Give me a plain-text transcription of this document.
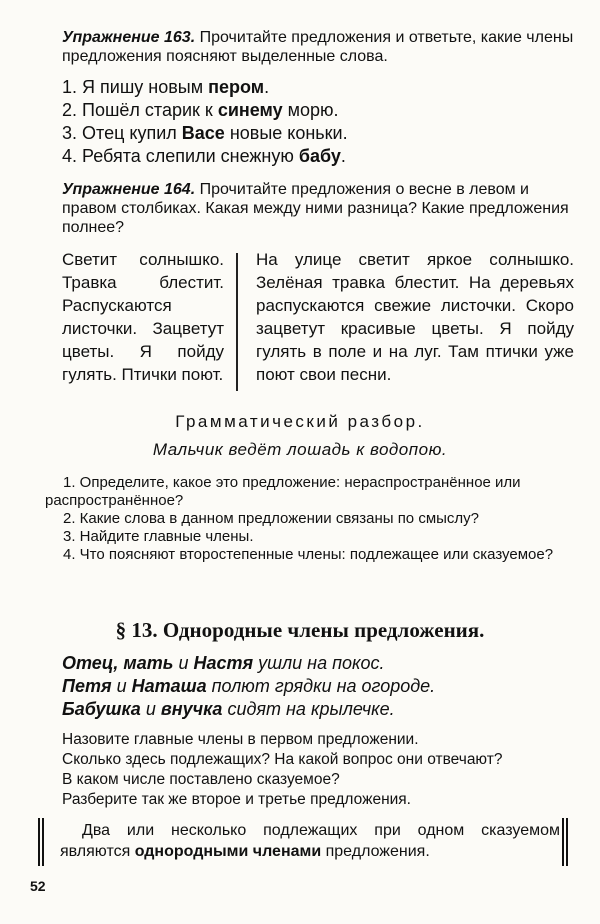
Упражнение 163. Прочитайте предложения и ответьте, какие члены предложения поясняют выделенные слова.
1. Я пишу новым пером.
2. Пошёл старик к синему морю.
3. Отец купил Васе новые коньки.
4. Ребята слепили снежную бабу.
Упражнение 164. Прочитайте предложения о весне в левом и правом столбиках. Какая между ними разница? Какие предложения полнее?
Светит солнышко. Травка блестит. Распускаются листочки. Зацветут цветы. Я пойду гулять. Птички поют.
На улице светит яркое солнышко. Зелёная травка блестит. На деревьях распускаются свежие листочки. Скоро зацветут красивые цветы. Я пойду гулять в поле и на луг. Там птички уже поют свои песни.
Грамматический разбор.
Мальчик ведёт лошадь к водопою.
1. Определите, какое это предложение: нераспространённое или распространённое?
2. Какие слова в данном предложении связаны по смыслу?
3. Найдите главные члены.
4. Что поясняют второстепенные члены: подлежащее или сказуемое?
§ 13. Однородные члены предложения.
Отец, мать и Настя ушли на покос.
Петя и Наташа полют грядки на огороде.
Бабушка и внучка сидят на крылечке.
Назовите главные члены в первом предложении.
Сколько здесь подлежащих? На какой вопрос они отвечают?
В каком числе поставлено сказуемое?
Разберите так же второе и третье предложения.
Два или несколько подлежащих при одном сказуемом являются однородными членами предложения.
52
